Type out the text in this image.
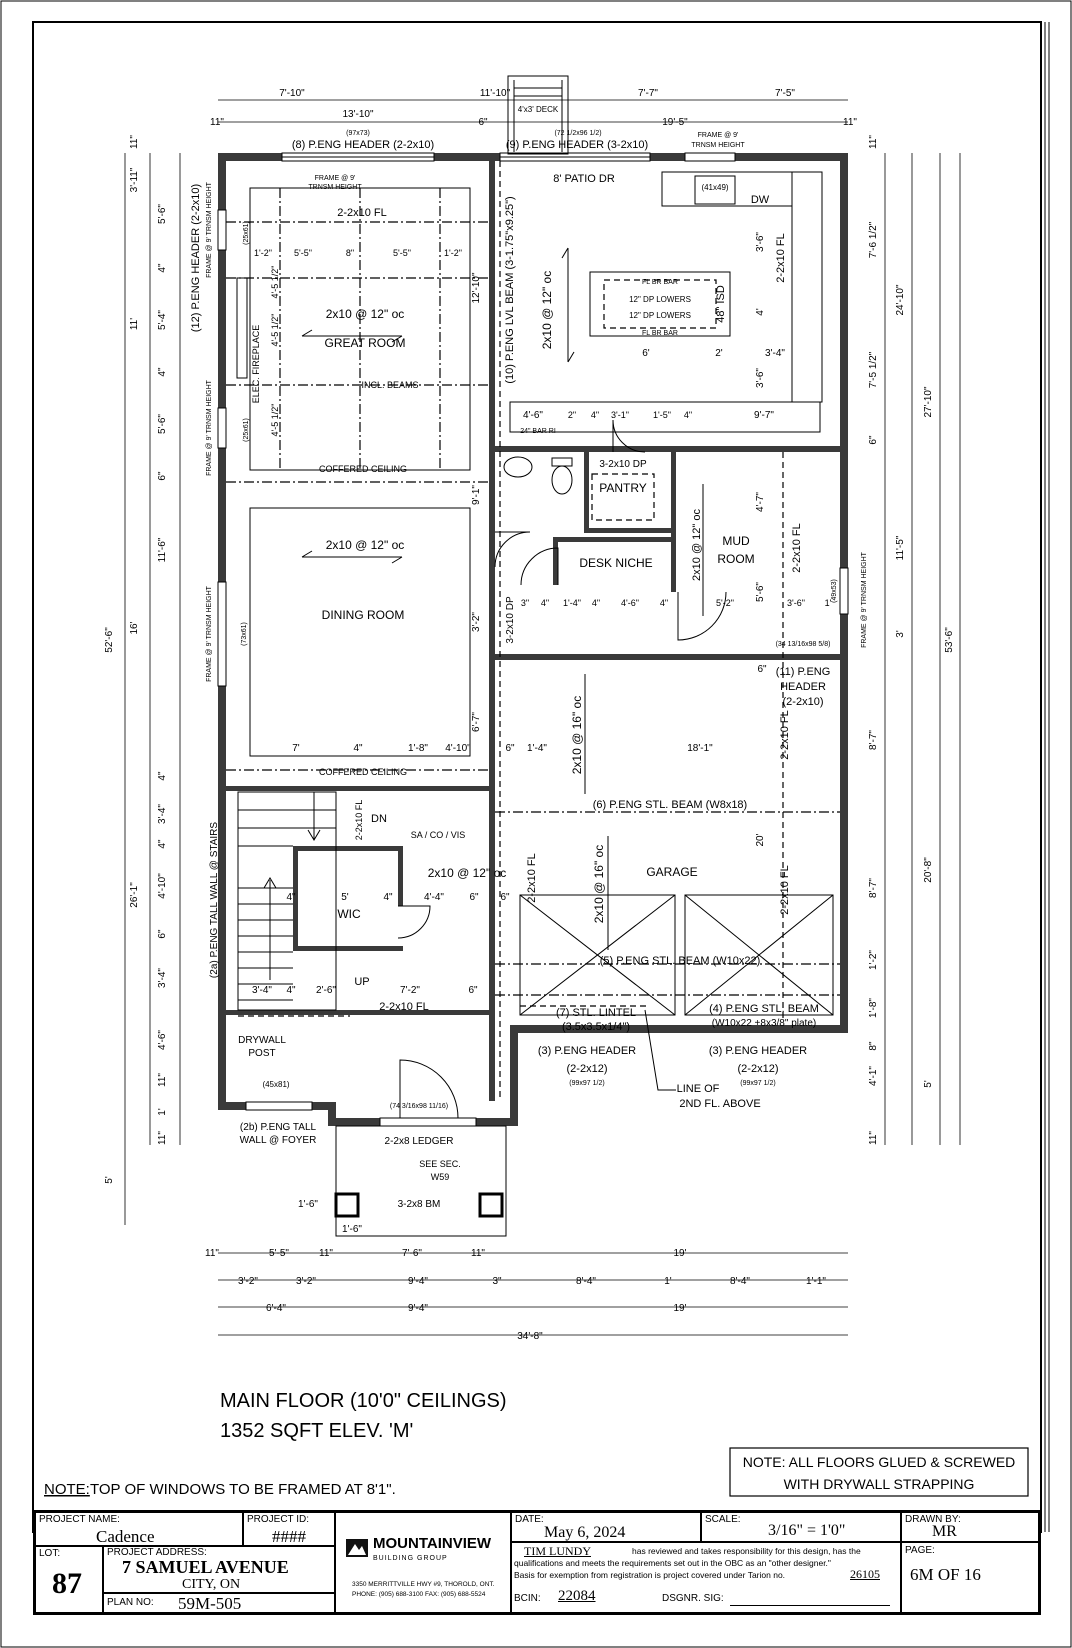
4'x3' DECK
7'-10"	11'-10"	7'-7"	7'-5"
11"
13'-10"
6"	19'-5"	11"
(97x73)	(72 1/2x96 1/2)
(8) P.ENG HEADER (2-2x10)	(9) P.ENG HEADER (3-2x10)
FRAME @ 9'
TRNSM HEIGHT
8' PATIO DR
(41x49)
DW
FRAME @ 9'
TRNSM HEIGHT
2-2x10 FL
1'-2" 5'-5"	8"	5'-5"	1'-2"
2x10 @ 12" oc
GREAT ROOM
INCL. BEAMS
COFFERED CEILING
ELEC. FIREPLACE
4'-5 1/2"
4'-5 1/2"
4'-5 1/2"
(25x61)
(25x61)
FRAME @ 9' TRNSM HEIGHT
FRAME @ 9' TRNSM HEIGHT
FRAME @ 9' TRNSM HEIGHT	FRAME @ 9' TRNSM HEIGHT
(12) P.ENG HEADER (2-2x10)	(10) P.ENG LVL BEAM (3-1.75"x9.25")
12'-10"	2x10 @ 12" oc
2-2x10 FL
FL BR BAR
12" DP LOWERS
12" DP LOWERS
FL BR BAR
48" ISD
6'	2'	3'-4"
9'-7"
3'-6"
4'
3'-6"
4'-6"	2" 4" 3'-1"	1'-5" 4"
24" BAR RI
3-2x10 DP
PANTRY
DESK NICHE
MUD
ROOM
2x10 @ 12" oc	2-2x10 FL
3-2x10 DP
4'-7"
5'-6"
3" 4" 1'-4" 4" 4'-6" 4"	5'-2"	3'-6" 1'
(49x53)
(34 13/16x98 5/8)
(11) P.ENG
HEADER
(2-2x10)
2x10 @ 12" oc
DINING ROOM
(73x61)
7'	4"	1'-8" 4'-10"
6'-7"
3'-2"
9'-1"
COFFERED CEILING
6" 1'-4"	18'-1"
20'
6"
2x10 @ 16" oc
2x10 @ 16" oc
2-2x10 FL
2-2x10 FL
2-2x10 FL
(6) P.ENG STL. BEAM (W8x18)
GARAGE
(5) P.ENG STL. BEAM (W10x22)
(7) STL. LINTEL
(3.5x3.5x1/4")
(4) P.ENG STL. BEAM
(W10x22 +8x3/8" plate)
(3) P.ENG HEADER
(2-2x12)
(99x97 1/2)
(3) P.ENG HEADER
(2-2x12)
(99x97 1/2)
LINE OF
2ND FL. ABOVE
DN
2-2x10 FL	SA / CO / VIS
2x10 @ 12" oc
4"	5'	4"	4'-4"	6" 6"
WIC
3'-4" 4" 2'-6"	7'-2"	6"
UP
2-2x10 FL
(2a) P.ENG TALL WALL @ STAIRS
DRYWALL
POST
(45x81)
(74 3/16x98 11/16)
(2b) P.ENG TALL
WALL @ FOYER	2-2x8 LEDGER
SEE SEC.
W59
3-2x8 BM
1'-6"
1'-6"
11"	5'-5"	11"	7'-6"	11"	19'
3'-2"	3'-2"	9'-4"	3"	8'-4"	1'	8'-4"	1'-1"
6'-4"	9'-4"	19'
34'-8"
3'-11"
5'-6"
4"
5'-4"
4"
5'-6"
6"
11'-6"
4"
3'-4"
4"
4'-10"
6"
3'-4"
4'-6"
11"
1'
11"
11"
11'
16'
26'-1"
5'
52'-6"
11"
7'-6 1/2"
7'-5 1/2"
6"
11'-5"
3'
8'-7"
8'-7"
1'-2"
1'-8"
8"
4'-1"
11"
24'-10"
20'-8"
5'
27'-10"
53'-6"
MAIN FLOOR (10'0" CEILINGS)
1352 SQFT ELEV. 'M'
NOTE: TOP OF WINDOWS TO BE FRAMED AT 8'1".
NOTE: ALL FLOORS GLUED & SCREWED
WITH DRYWALL STRAPPING
PROJECT NAME:
Cadence
PROJECT ID:
####
LOT:
87
PROJECT ADDRESS:
7 SAMUEL AVENUE
CITY, ON
PLAN NO: 59M-505
MOUNTAINVIEW
BUILDING GROUP
3350 MERRITTVILLE HWY #9, THOROLD, ONT.
PHONE: (905) 688-3100 FAX: (905) 688-5524
DATE:
May 6, 2024
SCALE:
3/16" = 1'0"
DRAWN BY:
MR
TIM LUNDY	has reviewed and takes responsibility for this design, has the
qualifications and meets the requirements set out in the OBC as an "other designer."
Basis for exemption from registration is project covered under Tarion no.	26105
BCIN: 22084	DSGNR. SIG:
PAGE:
6M OF 16
